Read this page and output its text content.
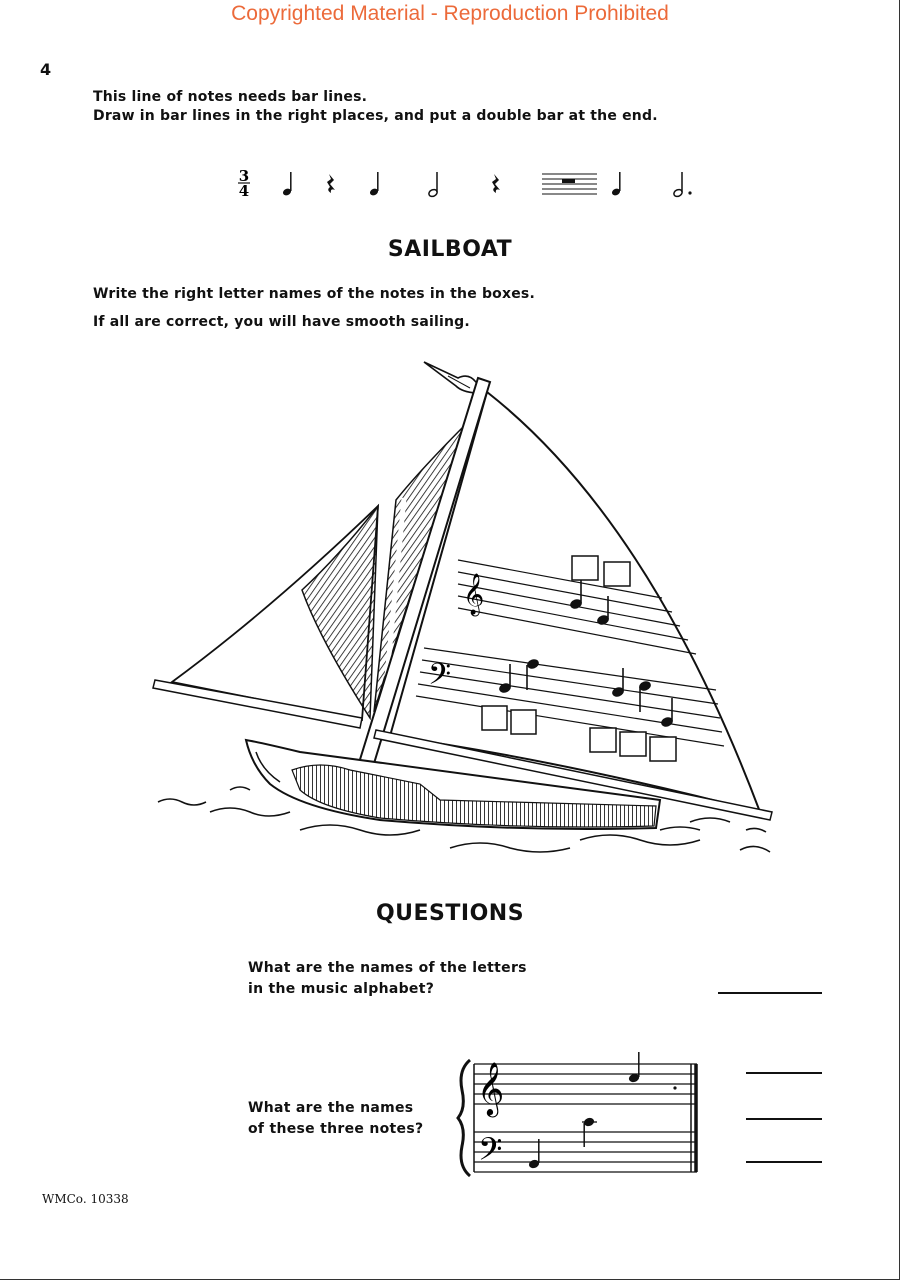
Copyrighted Material - Reproduction Prohibited
4
This line of notes needs bar lines.
Draw in bar lines in the right places, and put a double bar at the end.
3
4
SAILBOAT
Write the right letter names of the notes in the boxes.
If all are correct, you will have smooth sailing.
𝄞
𝄢
QUESTIONS
What are the names of the letters
in the music alphabet?
What are the names
of these three notes?
𝄞
𝄢
WMCo. 10338
